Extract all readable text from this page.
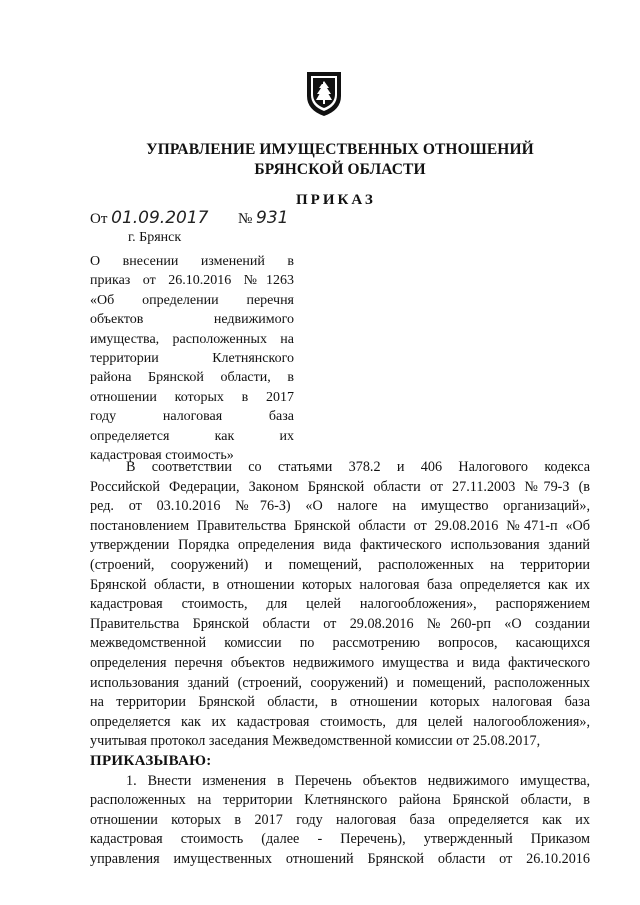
УПРАВЛЕНИЕ ИМУЩЕСТВЕННЫХ ОТНОШЕНИЙ
БРЯНСКОЙ ОБЛАСТИ
ПРИКАЗ
От 01.09.2017 № 931
г. Брянск
О внесении изменений в
приказ от 26.10.2016 №1263
«Об определении перечня
объектов недвижимого
имущества, расположенных на
территории Клетнянского
района Брянской области, в
отношении которых в 2017
году налоговая база
определяется как их
кадастровая стоимость»
В соответствии со статьями 378.2 и 406 Налогового кодекса
Российской Федерации, Законом Брянской области от 27.11.2003 №79-З (в
ред. от 03.10.2016 №76-З) «О налоге на имущество организаций»,
постановлением Правительства Брянской области от 29.08.2016 №471-п «Об
утверждении Порядка определения вида фактического использования зданий
(строений, сооружений) и помещений, расположенных на территории
Брянской области, в отношении которых налоговая база определяется как их
кадастровая стоимость, для целей налогообложения», распоряжением
Правительства Брянской области от 29.08.2016 №260-рп «О создании
межведомственной комиссии по рассмотрению вопросов, касающихся
определения перечня объектов недвижимого имущества и вида фактического
использования зданий (строений, сооружений) и помещений, расположенных
на территории Брянской области, в отношении которых налоговая база
определяется как их кадастровая стоимость, для целей налогообложения»,
учитывая протокол заседания Межведомственной комиссии от 25.08.2017,
ПРИКАЗЫВАЮ:
1. Внести изменения в Перечень объектов недвижимого имущества,
расположенных на территории Клетнянского района Брянской области, в
отношении которых в 2017 году налоговая база определяется как их
кадастровая стоимость (далее - Перечень), утвержденный Приказом
управления имущественных отношений Брянской области от 26.10.2016
